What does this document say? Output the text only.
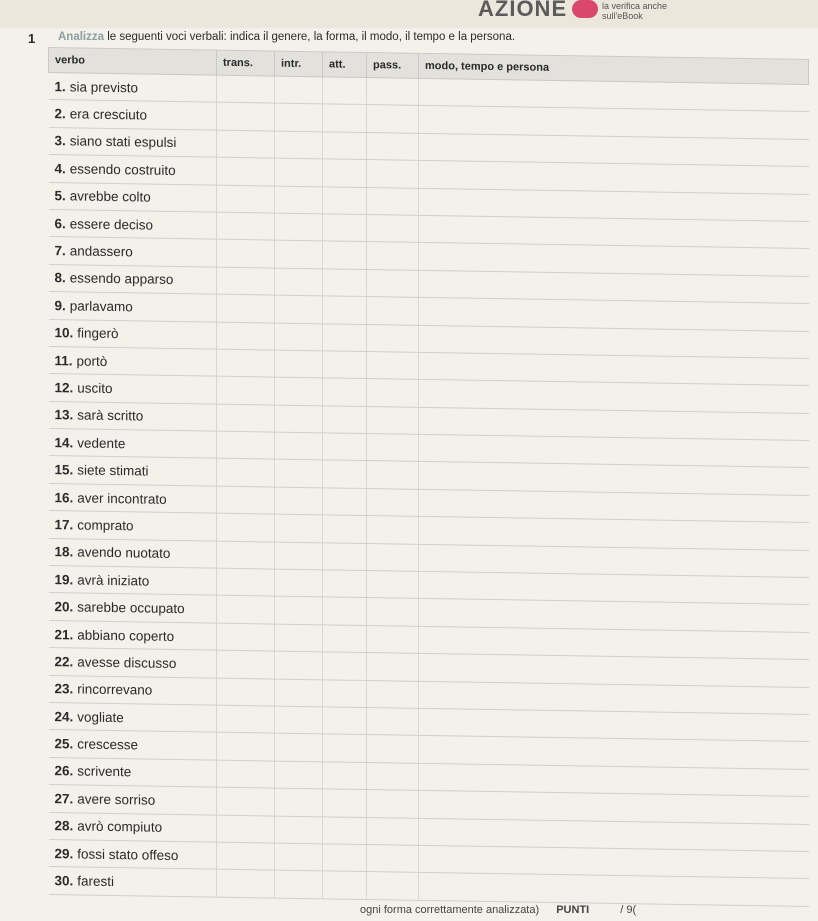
AZIONE	la verifica anche
sull'eBook
1 Analizza le seguenti voci verbali: indica il genere, la forma, il modo, il tempo e la persona.
verbo	trans.	intr.	att.	pass.	modo, tempo e persona
1. sia previsto					
2. era cresciuto					
3. siano stati espulsi					
4. essendo costruito					
5. avrebbe colto					
6. essere deciso					
7. andassero					
8. essendo apparso					
9. parlavamo					
10. fingerò					
11. portò					
12. uscito					
13. sarà scritto					
14. vedente					
15. siete stimati					
16. aver incontrato					
17. comprato					
18. avendo nuotato					
19. avrà iniziato					
20. sarebbe occupato					
21. abbiano coperto					
22. avesse discusso					
23. rincorrevano					
24. vogliate					
25. crescesse					
26. scrivente					
27. avere sorriso					
28. avrò compiuto					
29. fossi stato offeso					
30. faresti					
ogni forma correttamente analizzata) PUNTI	/ 9(
